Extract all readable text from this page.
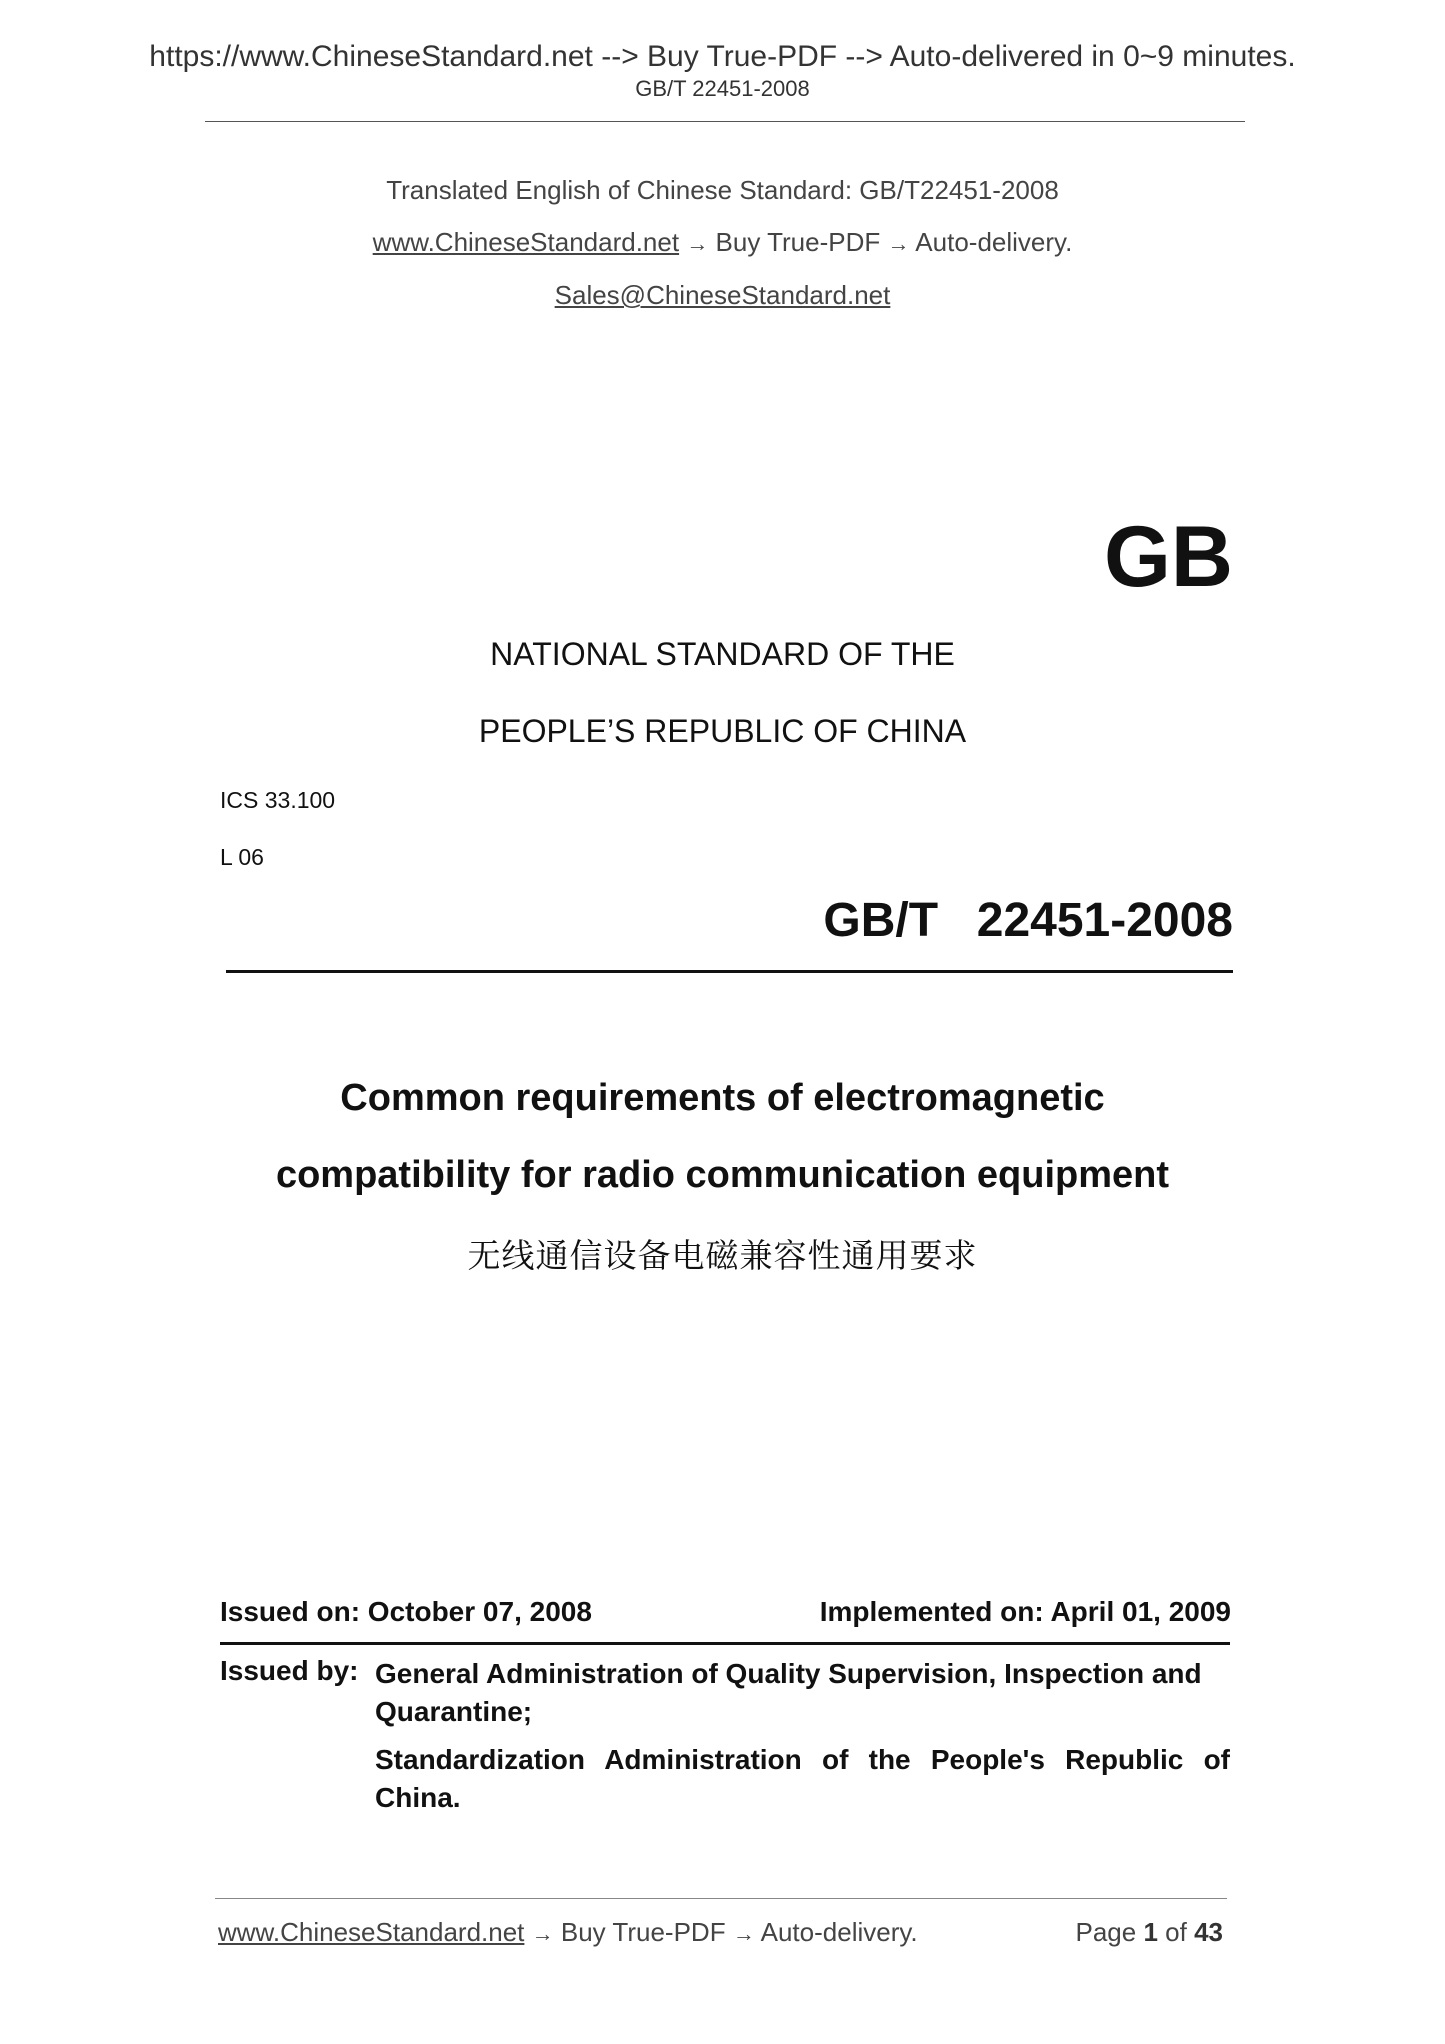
https://www.ChineseStandard.net --> Buy True-PDF --> Auto-delivered in 0~9 minutes.
GB/T 22451-2008
Translated English of Chinese Standard: GB/T22451-2008
www.ChineseStandard.net → Buy True-PDF → Auto-delivery.
Sales@ChineseStandard.net
GB
NATIONAL STANDARD OF THE
PEOPLE’S REPUBLIC OF CHINA
ICS 33.100
L 06
GB/T  22451-2008
Common requirements of electromagnetic
compatibility for radio communication equipment
无线通信设备电磁兼容性通用要求
Issued on: October 07, 2008	Implemented on: April 01, 2009
Issued by: General Administration of Quality Supervision, Inspection and Quarantine;
Standardization Administration of the People's Republic of China.
www.ChineseStandard.net → Buy True-PDF → Auto-delivery.	Page 1 of 43
